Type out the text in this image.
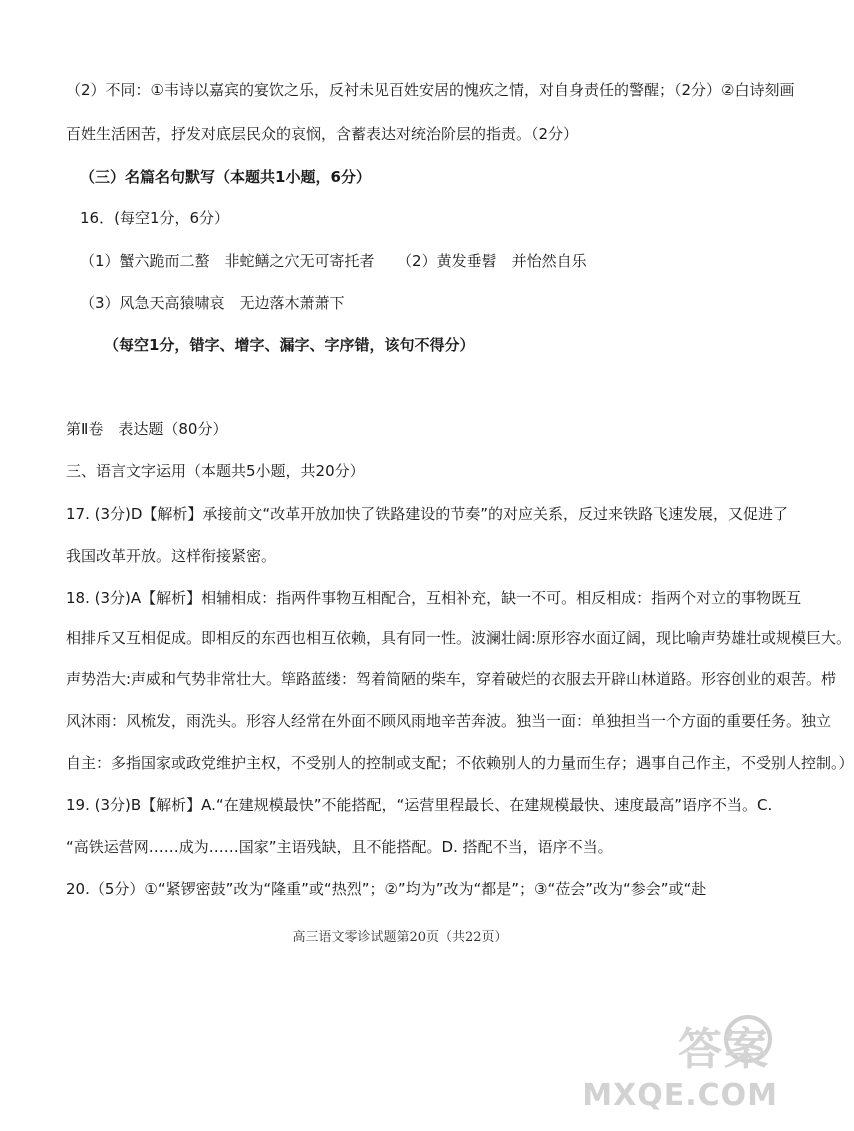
（2）不同：①韦诗以嘉宾的宴饮之乐，反衬未见百姓安居的愧疚之情，对自身责任的警醒；（2分）②白诗刻画
百姓生活困苦，抒发对底层民众的哀悯，含蓄表达对统治阶层的指责。（2分）
（三）名篇名句默写（本题共1小题，6分）
16．(每空1分，6分）
（1）蟹六跪而二螯　非蛇鳝之穴无可寄托者　　（2）黄发垂髫　并怡然自乐
（3）风急天高猿啸哀　无边落木萧萧下
（每空1分，错字、增字、漏字、字序错，该句不得分）
第Ⅱ卷　表达题（80分）
三、语言文字运用（本题共5小题，共20分）
17. (3分)D【解析】承接前文“改革开放加快了铁路建设的节奏”的对应关系，反过来铁路飞速发展，又促进了
我国改革开放。这样衔接紧密。
18. (3分)A【解析】相辅相成：指两件事物互相配合，互相补充，缺一不可。相反相成：指两个对立的事物既互
相排斥又互相促成。即相反的东西也相互依赖，具有同一性。波澜壮阔:原形容水面辽阔，现比喻声势雄壮或规模巨大。
声势浩大:声威和气势非常壮大。筚路蓝缕：驾着简陋的柴车，穿着破烂的衣服去开辟山林道路。形容创业的艰苦。栉
风沐雨：风梳发，雨洗头。形容人经常在外面不顾风雨地辛苦奔波。独当一面：单独担当一个方面的重要任务。独立
自主：多指国家或政党维护主权，不受别人的控制或支配；不依赖别人的力量而生存；遇事自己作主，不受别人控制。）
19. (3分)B【解析】A.“在建规模最快”不能搭配，“运营里程最长、在建规模最快、速度最高”语序不当。C.
“高铁运营网……成为……国家”主语残缺，且不能搭配。D. 搭配不当，语序不当。
20.（5分）①“紧锣密鼓”改为“隆重”或“热烈”；②”均为”改为“都是”；③“莅会”改为“参会”或“赴
高三语文零诊试题第20页（共22页）
答案
MXQE.COM
